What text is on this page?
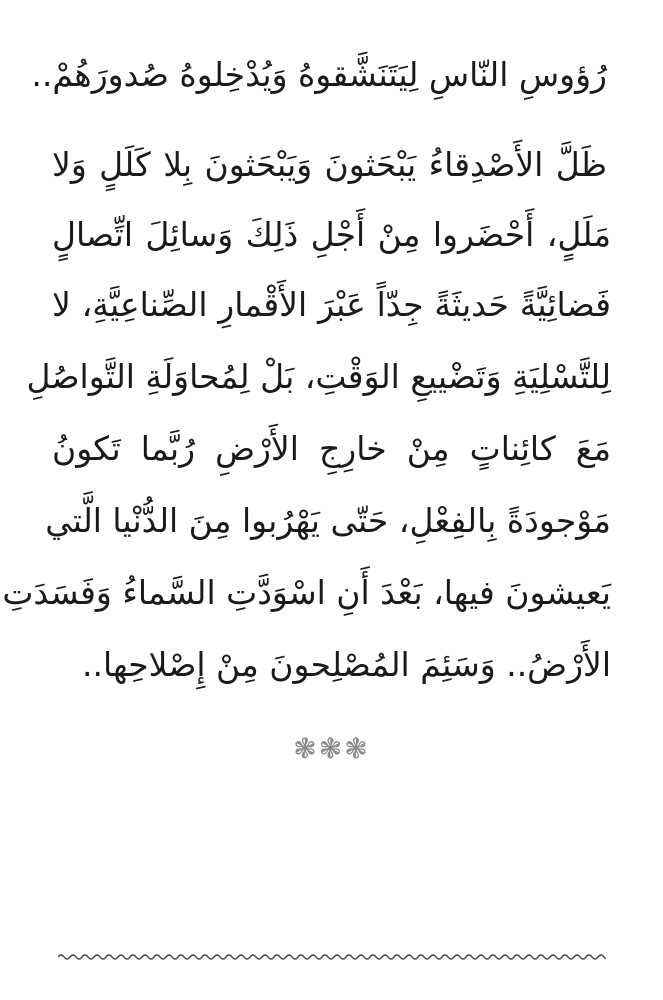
رُؤوسِ النّاسِ لِيَتَنَشَّقوهُ وَيُدْخِلوهُ صُدورَهُمْ..
ظَلَّ الأَصْدِقاءُ يَبْحَثونَ وَيَبْحَثونَ بِلا كَلَلٍ وَلا
مَلَلٍ، أَحْضَروا مِنْ أَجْلِ ذَلِكَ وَسائِلَ اتِّصالٍ
فَضائِيَّةً حَديثَةً جِدّاً عَبْرَ الأَقْمارِ الصِّناعِيَّةِ، لا
لِلتَّسْلِيَةِ وَتَضْييعِ الوَقْتِ، بَلْ لِمُحاوَلَةِ التَّواصُلِ
مَعَ كائِناتٍ مِنْ خارِجِ الأَرْضِ رُبَّما تَكونُ
مَوْجودَةً بِالفِعْلِ، حَتّى يَهْرُبوا مِنَ الدُّنْيا الَّتي
يَعيشونَ فيها، بَعْدَ أَنِ اسْوَدَّتِ السَّماءُ وَفَسَدَتِ
الأَرْضُ.. وَسَئِمَ المُصْلِحونَ مِنْ إِصْلاحِها..
❃❃❃
